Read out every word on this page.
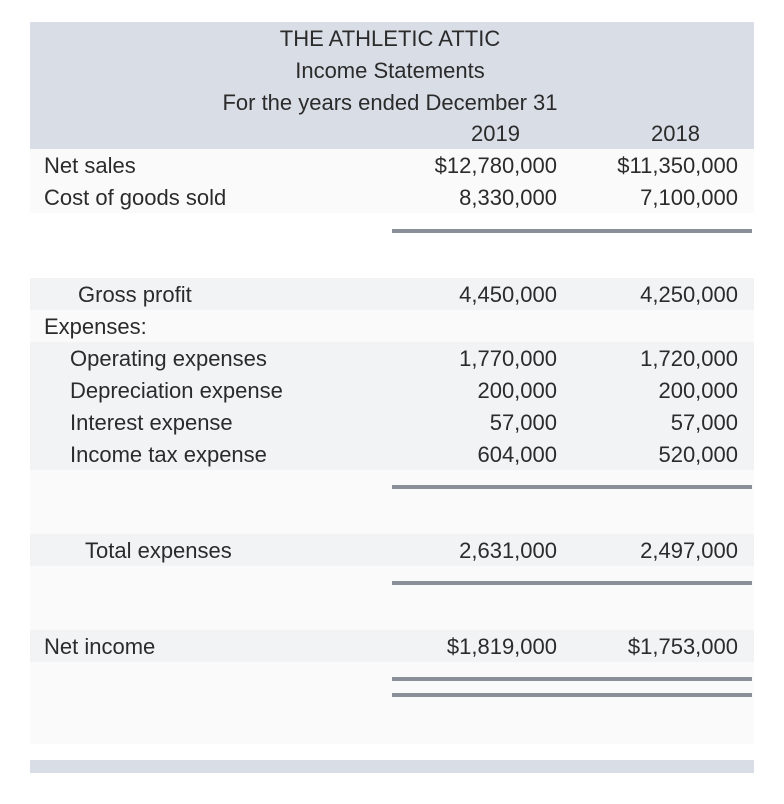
THE ATHLETIC ATTIC
Income Statements
For the years ended December 31
2019	2018
Net sales	$12,780,000	$11,350,000
Cost of goods sold	8,330,000	7,100,000
Gross profit	4,450,000	4,250,000
Expenses:
Operating expenses	1,770,000	1,720,000
Depreciation expense	200,000	200,000
Interest expense	57,000	57,000
Income tax expense	604,000	520,000
Total expenses	2,631,000	2,497,000
Net income	$1,819,000	$1,753,000
